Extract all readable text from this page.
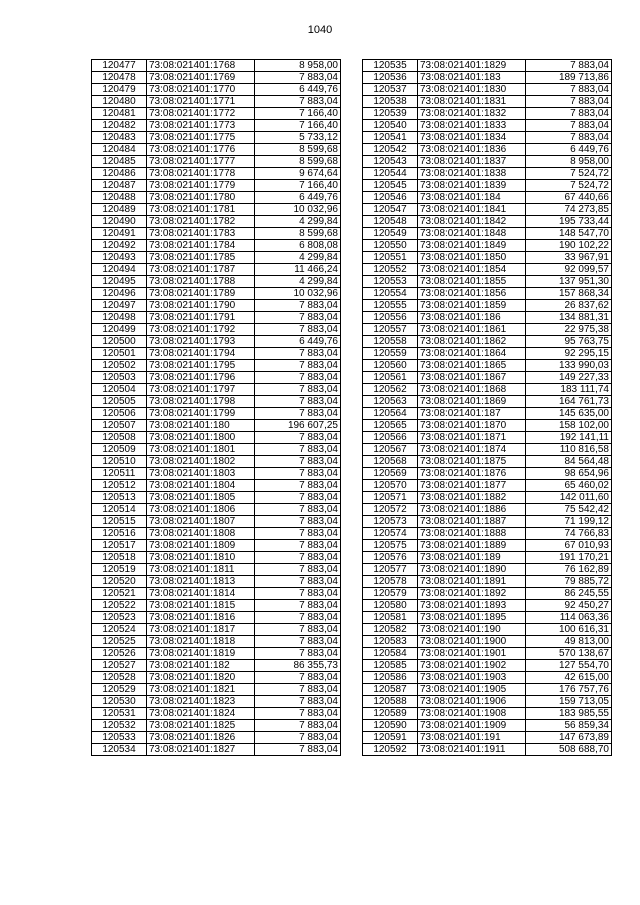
1040
120477	73:08:021401:1768	8 958,00
120478	73:08:021401:1769	7 883,04
120479	73:08:021401:1770	6 449,76
120480	73:08:021401:1771	7 883,04
120481	73:08:021401:1772	7 166,40
120482	73:08:021401:1773	7 166,40
120483	73:08:021401:1775	5 733,12
120484	73:08:021401:1776	8 599,68
120485	73:08:021401:1777	8 599,68
120486	73:08:021401:1778	9 674,64
120487	73:08:021401:1779	7 166,40
120488	73:08:021401:1780	6 449,76
120489	73:08:021401:1781	10 032,96
120490	73:08:021401:1782	4 299,84
120491	73:08:021401:1783	8 599,68
120492	73:08:021401:1784	6 808,08
120493	73:08:021401:1785	4 299,84
120494	73:08:021401:1787	11 466,24
120495	73:08:021401:1788	4 299,84
120496	73:08:021401:1789	10 032,96
120497	73:08:021401:1790	7 883,04
120498	73:08:021401:1791	7 883,04
120499	73:08:021401:1792	7 883,04
120500	73:08:021401:1793	6 449,76
120501	73:08:021401:1794	7 883,04
120502	73:08:021401:1795	7 883,04
120503	73:08:021401:1796	7 883,04
120504	73:08:021401:1797	7 883,04
120505	73:08:021401:1798	7 883,04
120506	73:08:021401:1799	7 883,04
120507	73:08:021401:180	196 607,25
120508	73:08:021401:1800	7 883,04
120509	73:08:021401:1801	7 883,04
120510	73:08:021401:1802	7 883,04
120511	73:08:021401:1803	7 883,04
120512	73:08:021401:1804	7 883,04
120513	73:08:021401:1805	7 883,04
120514	73:08:021401:1806	7 883,04
120515	73:08:021401:1807	7 883,04
120516	73:08:021401:1808	7 883,04
120517	73:08:021401:1809	7 883,04
120518	73:08:021401:1810	7 883,04
120519	73:08:021401:1811	7 883,04
120520	73:08:021401:1813	7 883,04
120521	73:08:021401:1814	7 883,04
120522	73:08:021401:1815	7 883,04
120523	73:08:021401:1816	7 883,04
120524	73:08:021401:1817	7 883,04
120525	73:08:021401:1818	7 883,04
120526	73:08:021401:1819	7 883,04
120527	73:08:021401:182	86 355,73
120528	73:08:021401:1820	7 883,04
120529	73:08:021401:1821	7 883,04
120530	73:08:021401:1823	7 883,04
120531	73:08:021401:1824	7 883,04
120532	73:08:021401:1825	7 883,04
120533	73:08:021401:1826	7 883,04
120534	73:08:021401:1827	7 883,04
120535	73:08:021401:1829	7 883,04
120536	73:08:021401:183	189 713,86
120537	73:08:021401:1830	7 883,04
120538	73:08:021401:1831	7 883,04
120539	73:08:021401:1832	7 883,04
120540	73:08:021401:1833	7 883,04
120541	73:08:021401:1834	7 883,04
120542	73:08:021401:1836	6 449,76
120543	73:08:021401:1837	8 958,00
120544	73:08:021401:1838	7 524,72
120545	73:08:021401:1839	7 524,72
120546	73:08:021401:184	67 440,66
120547	73:08:021401:1841	74 273,85
120548	73:08:021401:1842	195 733,44
120549	73:08:021401:1848	148 547,70
120550	73:08:021401:1849	190 102,22
120551	73:08:021401:1850	33 967,91
120552	73:08:021401:1854	92 099,57
120553	73:08:021401:1855	137 951,30
120554	73:08:021401:1856	157 868,34
120555	73:08:021401:1859	26 837,62
120556	73:08:021401:186	134 881,31
120557	73:08:021401:1861	22 975,38
120558	73:08:021401:1862	95 763,75
120559	73:08:021401:1864	92 295,15
120560	73:08:021401:1865	133 990,03
120561	73:08:021401:1867	149 227,33
120562	73:08:021401:1868	183 111,74
120563	73:08:021401:1869	164 761,73
120564	73:08:021401:187	145 635,00
120565	73:08:021401:1870	158 102,00
120566	73:08:021401:1871	192 141,11
120567	73:08:021401:1874	110 816,58
120568	73:08:021401:1875	84 564,48
120569	73:08:021401:1876	98 654,96
120570	73:08:021401:1877	65 460,02
120571	73:08:021401:1882	142 011,60
120572	73:08:021401:1886	75 542,42
120573	73:08:021401:1887	71 199,12
120574	73:08:021401:1888	74 766,83
120575	73:08:021401:1889	67 010,93
120576	73:08:021401:189	191 170,21
120577	73:08:021401:1890	76 162,89
120578	73:08:021401:1891	79 885,72
120579	73:08:021401:1892	86 245,55
120580	73:08:021401:1893	92 450,27
120581	73:08:021401:1895	114 063,36
120582	73:08:021401:190	100 616,31
120583	73:08:021401:1900	49 813,00
120584	73:08:021401:1901	570 138,67
120585	73:08:021401:1902	127 554,70
120586	73:08:021401:1903	42 615,00
120587	73:08:021401:1905	176 757,76
120588	73:08:021401:1906	159 713,05
120589	73:08:021401:1908	183 985,55
120590	73:08:021401:1909	56 859,34
120591	73:08:021401:191	147 673,89
120592	73:08:021401:1911	508 688,70
